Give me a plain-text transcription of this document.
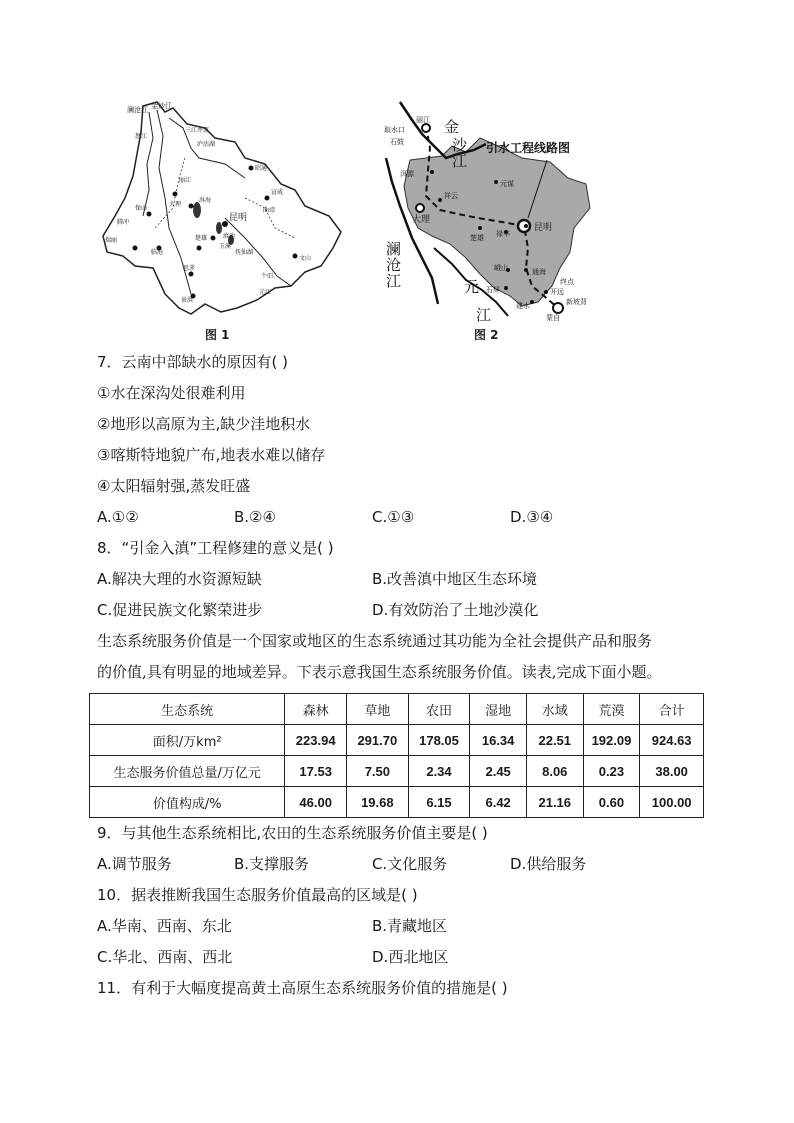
澜沧江 金沙江
三江并流
泸沽湖
昭通
丽江
大理
洱海
宣威
曲靖
昆明
滇池
玉溪
楚雄
临沧
思茅
景洪
文山
元江
怒江
保山
瑞丽
腾冲
抚仙湖
个旧
图 1
取水口
石鼓
丽江 金
沙
江
引水工程线路图
洱源
祥云
元谋
大理
楚雄 禄丰
昆明
澜
沧
江
峨山	通海
石屏	开远
建水
终点
新坡背
蒙自
元
江
图 2
7．云南中部缺水的原因有( )
①水在深沟处很难利用
②地形以高原为主,缺少洼地积水
③喀斯特地貌广布,地表水难以储存
④太阳辐射强,蒸发旺盛
A.①②	B.②④	C.①③	D.③④
8．“引金入滇”工程修建的意义是( )
A.解决大理的水资源短缺	B.改善滇中地区生态环境
C.促进民族文化繁荣进步	D.有效防治了土地沙漠化
生态系统服务价值是一个国家或地区的生态系统通过其功能为全社会提供产品和服务
的价值,具有明显的地域差异。下表示意我国生态系统服务价值。读表,完成下面小题。
生态系统	森林	草地	农田	湿地	水域	荒漠	合计
面积/万km²	223.94	291.70	178.05	16.34	22.51	192.09	924.63
生态服务价值总量/万亿元	17.53	7.50	2.34	2.45	8.06	0.23	38.00
价值构成/%	46.00	19.68	6.15	6.42	21.16	0.60	100.00
9．与其他生态系统相比,农田的生态系统服务价值主要是( )
A.调节服务	B.支撑服务	C.文化服务	D.供给服务
10．据表推断我国生态服务价值最高的区域是( )
A.华南、西南、东北	B.青藏地区
C.华北、西南、西北	D.西北地区
11．有利于大幅度提高黄土高原生态系统服务价值的措施是( )
